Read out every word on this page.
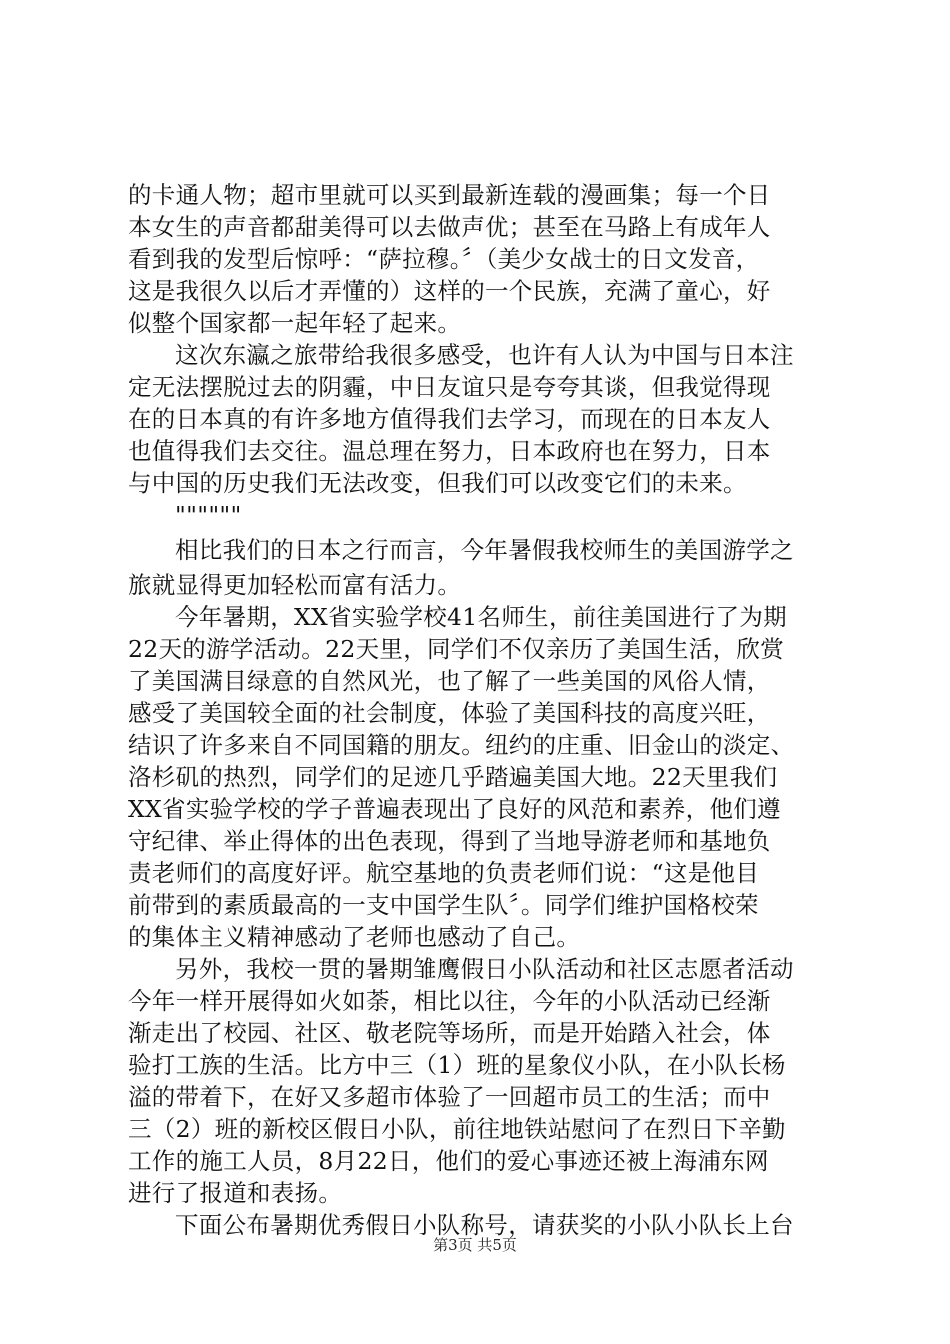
的卡通人物；超市里就可以买到最新连载的漫画集；每一个日
本女生的声音都甜美得可以去做声优；甚至在马路上有成年人
看到我的发型后惊呼：“萨拉穆。〞（美少女战士的日文发音，
这是我很久以后才弄懂的）这样的一个民族，充满了童心，好
似整个国家都一起年轻了起来。
这次东瀛之旅带给我很多感受，也许有人认为中国与日本注
定无法摆脱过去的阴霾，中日友谊只是夸夸其谈，但我觉得现
在的日本真的有许多地方值得我们去学习，而现在的日本友人
也值得我们去交往。温总理在努力，日本政府也在努力，日本
与中国的历史我们无法改变，但我们可以改变它们的未来。
""""""
相比我们的日本之行而言，今年暑假我校师生的美国游学之
旅就显得更加轻松而富有活力。
今年暑期，XX省实验学校41名师生，前往美国进行了为期
22天的游学活动。22天里，同学们不仅亲历了美国生活，欣赏
了美国满目绿意的自然风光，也了解了一些美国的风俗人情，
感受了美国较全面的社会制度，体验了美国科技的高度兴旺，
结识了许多来自不同国籍的朋友。纽约的庄重、旧金山的淡定、
洛杉矶的热烈，同学们的足迹几乎踏遍美国大地。22天里我们
XX省实验学校的学子普遍表现出了良好的风范和素养，他们遵
守纪律、举止得体的出色表现，得到了当地导游老师和基地负
责老师们的高度好评。航空基地的负责老师们说：“这是他目
前带到的素质最高的一支中国学生队〞。同学们维护国格校荣
的集体主义精神感动了老师也感动了自己。
另外，我校一贯的暑期雏鹰假日小队活动和社区志愿者活动
今年一样开展得如火如荼，相比以往，今年的小队活动已经渐
渐走出了校园、社区、敬老院等场所，而是开始踏入社会，体
验打工族的生活。比方中三（1）班的星象仪小队，在小队长杨
溢的带着下，在好又多超市体验了一回超市员工的生活；而中
三（2）班的新校区假日小队，前往地铁站慰问了在烈日下辛勤
工作的施工人员，8月22日，他们的爱心事迹还被上海浦东网
进行了报道和表扬。
下面公布暑期优秀假日小队称号，请获奖的小队小队长上台
第3页 共5页
